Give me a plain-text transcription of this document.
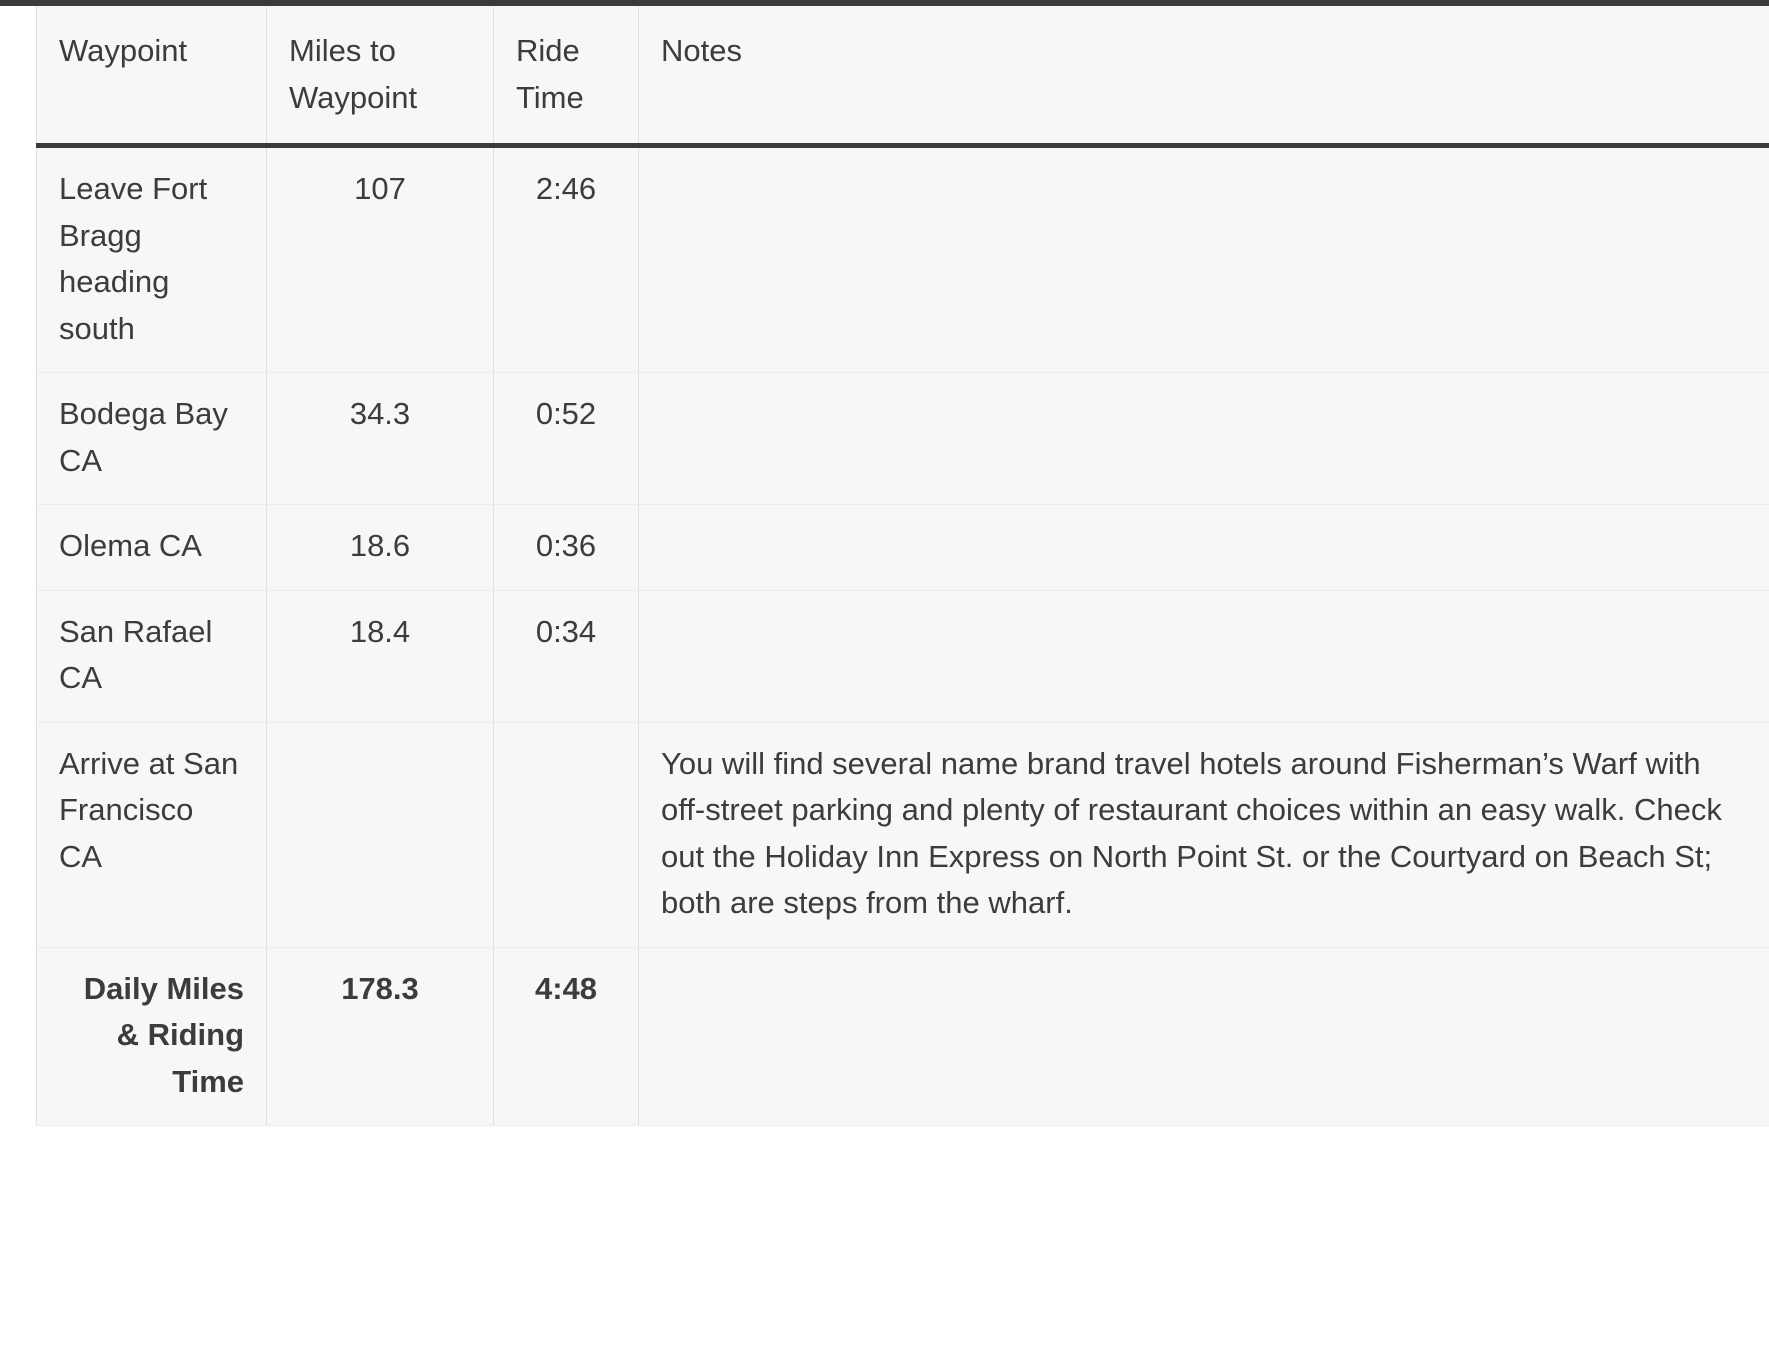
Waypoint	Miles to Waypoint	Ride Time	Notes
Leave Fort Bragg heading south	107	2:46	
Bodega Bay CA	34.3	0:52	
Olema CA	18.6	0:36	
San Rafael CA	18.4	0:34	
Arrive at San Francisco CA			You will find several name brand travel hotels around Fisherman’s Warf with off-street parking and plenty of restaurant choices within an easy walk. Check out the Holiday Inn Express on North Point St. or the Courtyard on Beach St; both are steps from the wharf.
Daily Miles & Riding Time	178.3	4:48	
